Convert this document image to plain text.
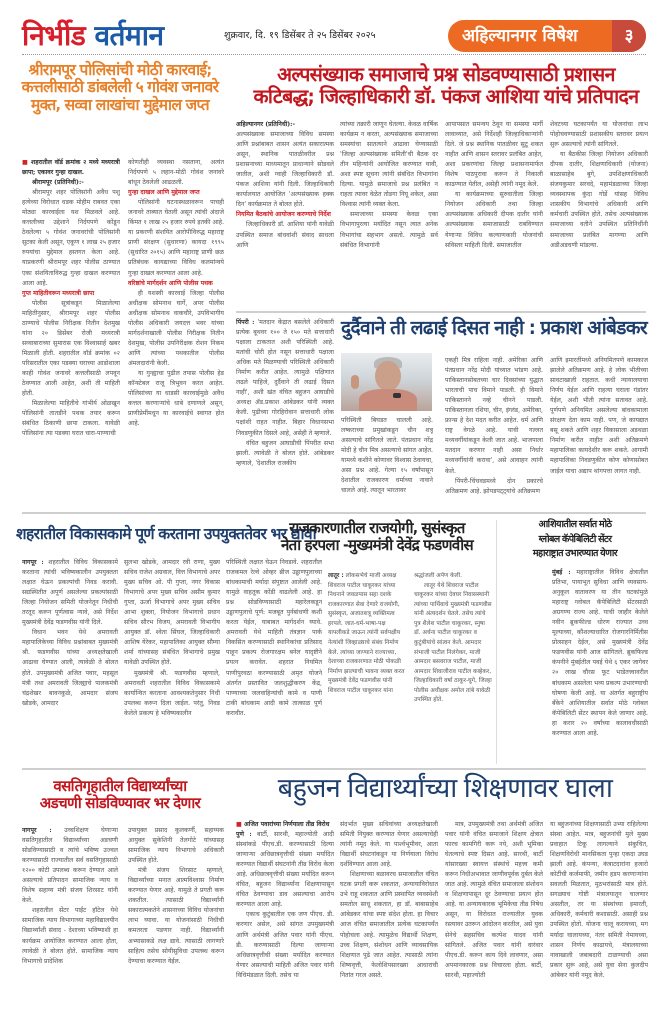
निर्भीड वर्तमान	शुक्रवार, दि. १९ डिसेंबर ते २५ डिसेंबर २०२५	अहिल्यानगर विषेश	३
श्रीरामपूर पोलिसांची मोठी कारवाई;
कत्तलीसाठी डांबलेली ५ गोवंश जनावरे
मुक्त, सव्वा लाखांचा मुद्देमाल जप्त

■ शहरातील वॉर्ड क्रमांक २ मध्ये मध्यरात्री छापा; एकावर गुन्हा दाखल.

श्रीरामपूर (प्रतिनिधी):-

श्रीरामपूर शहर पोलिसांनी अवैध पशु हत्येच्या विरोधात धडक मोहीम राबवत एका मोठ्या कारवाईला यश मिळवले आहे. कत्तलीच्या उद्देशाने निर्दयपणे कोंडून ठेवलेल्या ५ गोवंश जनावरांची पोलिसांनी सुटका केली असून, एकूण १ लाख २५ हजार रुपयांचा मुद्देमाल हस्तगत केला आहे. याप्रकरणी श्रीरामपूर शहर पोलीस ठाण्यात एका संशयिताविरुद्ध गुन्हा दाखल करण्यात आला आहे.

गुप्त माहितीवरून मध्यरात्री छापा

पोलीस सूत्रांकडून मिळालेल्या माहितीनुसार, श्रीरामपूर शहर पोलीस ठाण्याचे पोलीस निरीक्षक नितीन देशमुख यांना २० डिसेंबर रोजी मध्यरात्री सव्वाबाराच्या सुमारास एक विश्वासार्ह खबर मिळाली होती. शहरातील वॉर्ड क्रमांक ०२ परिसरातील एका पडक्या घराच्या आडोशाला काही गोवंश जनावरे कत्तलीसाठी लपवून ठेवण्यात आली आहेत, अशी ती माहिती होती.

मिळालेल्या माहितीचे गांभीर्य ओळखून पोलिसांनी तातडीने पथक तयार करून संबंधित ठिकाणी छापा टाकला. यावेळी पोलिसांना त्या पडक्या घरात चारा-पाण्याची

कोणतीही व्यवस्था नसताना, अत्यंत निर्दयपणे ५ लहान-मोठी गोवंश जनावरे बांधून ठेवलेली आढळली.

गुन्हा दाखल आणि मुद्देमाल जप्त

पोलिसांनी घटनास्थळावरून पाचही जनावरे ताब्यात घेतली असून त्यांची अंदाजे किंमत १ लाख २५ हजार रुपये इतकी आहे. या प्रकरणी संशयित आरोपीविरुद्ध महाराष्ट्र प्राणी संरक्षण (सुधारणा) कायदा १९९५ (सुधारित २०१५) आणि महाराष्ट्र प्राणी छळ प्रतिबंधक कायद्याच्या विविध कलमांन्वये गुन्हा दाखल करण्यात आला आहे.

वरिष्ठांचे मार्गदर्शन आणि पोलीस पथक

ही यशस्वी कारवाई जिल्हा पोलीस अधीक्षक सोमनाथ घार्गे, अपर पोलीस अधीक्षक सोमनाथ वाकचौरे, उपविभागीय पोलीस अधिकारी जयदत्त भवर यांच्या मार्गदर्शनाखाली पोलीस निरीक्षक नितीन देशमुख, पोलीस उपनिरीक्षक रोशन निकम आणि त्यांच्या पथकातील पोलीस अंमलदारांनी केली.

या गुन्ह्याचा पुढील तपास पोलीस हेड कॉन्स्टेबल राजू त्रिभुवन करत आहेत. पोलिसांच्या या धाडसी कारवाईमुळे अवैध कत्तल करणाऱ्यांचे धाबे दणाणले असून, प्राणीप्रेमींमधून या कारवाईचे स्वागत होत आहे.

अल्पसंख्याक समाजाचे प्रश्न सोडवण्यासाठी प्रशासन
कटिबद्ध; जिल्हाधिकारी डॉ. पंकज आशिया यांचे प्रतिपादन

अहिल्यानगर (प्रतिनिधी):-

अल्पसंख्याक समाजाच्या विविध समस्या आणि प्रश्नांबाबत शासन अत्यंत सकारात्मक असून, स्थानिक पातळीवरील प्रश्न प्रशासनाच्या माध्यमातून प्राधान्याने सोडवले जातील, अशी ग्वाही जिल्हाधिकारी डॉ. पंकज आशिया यांनी दिली. जिल्हाधिकारी कार्यालयात आयोजित 'अल्पसंख्याक हक्क दिन' कार्यक्रमात ते बोलत होते.

नियमित बैठकांचे आयोजन करण्याचे निर्देश

जिल्हाधिकारी डॉ. आशिया यांनी यावेळी उपस्थित समाज बांधवांशी संवाद साधला आणि

त्यांच्या तक्रारी जाणून घेतल्या. केवळ वार्षिक कार्यक्रम न करता, अल्पसंख्याक समाजाच्या समस्यांचा सातत्याने आढावा घेण्यासाठी 'जिल्हा अल्पसंख्याक समिती'ची बैठक दर तीन महिन्यांनी आयोजित करण्यात यावी, अशा स्पष्ट सूचना त्यांनी संबंधित विभागांना दिल्या. यामुळे समाजाचे प्रश्न प्रलंबित न राहता त्यावर वेळेत तोडगा निघू शकेल, असा विश्वास त्यांनी व्यक्त केला.

समाजाच्या समस्या केवळ एका विभागापुरत्या मर्यादित नसून त्यात अनेक विभागांचा सहभाग असतो. त्यामुळे सर्व संबंधित विभागांनी

आपापसात समन्वय ठेवून या समस्या मार्गी लावाव्यात, असे निर्देशही जिल्हाधिकाऱ्यांनी दिले. जे प्रश्न स्थानिक पातळीवर सुटू शकत नाहीत आणि शासन स्तरावर प्रलंबित आहेत, अशा प्रकरणांचा जिल्हा प्रशासनामार्फत विशेष पाठपुरावा करून ते निकाली काढण्यात येतील, असेही त्यांनी नमूद केले.

या कार्यक्रमाच्या सुरुवातीला जिल्हा नियोजन अधिकारी तथा जिल्हा अल्पसंख्याक अधिकारी दीपक दातीर यांनी अल्पसंख्याक समाजासाठी राबविण्यात येणाऱ्या विविध कल्याणकारी योजनांची सविस्तर माहिती दिली. समाजातील

शेवटच्या घटकापर्यंत या योजनांचा लाभ पोहोचवण्यासाठी प्रशासकीय स्तरावर प्रयत्न सुरू असल्याचे त्यांनी सांगितले.

या बैठकीस जिल्हा नियोजन अधिकारी दीपक दातीर, शिक्षणाधिकारी (योजना) बाळासाहेब बुगे, उपशिक्षणाधिकारी संजयकुमार सरवदे, महामंडळाच्या जिल्हा व्यवस्थापक कुंदा गोर्डे यांसह विविध शासकीय विभागांचे अधिकारी आणि कर्मचारी उपस्थित होते. तसेच अल्पसंख्याक समाजाच्या वतीने उपस्थित प्रतिनिधींनी समाजाच्या प्रलंबित मागण्या आणि अडीअडचणी मांडल्या.

पिंपरी : 'मतदान केंद्रात बसलेले अधिकारी प्रत्येक बूथवर १०० ते १५० मते सत्ताधारी पक्षाला टाकतात अशी परिस्थिती आहे. मतांची चोरी होत नसून सत्ताधारी पक्षाला अधिक मते मिळण्याची परिस्थिती अधिकारी निर्माण करीत आहेत. त्यामुळे पक्षिणात लढले पाहिजे, दुर्दैवाने ती लढाई दिसत नाही', अशी खंत वंचित बहुजन आघाडीचे अध्यक्ष ॲड.प्रकाश आंबेडकर यांनी व्यक्त केली. पुढीच्या गोरहिरोवान सत्ताधारी लोक पक्षांशी राहत नाहीत. बिहार विधानसभा निवडणुकीत दिसले आहे, असेही ते म्हणाले.

वंचित बहुजन आघाडीची पिंपरीत सभा झाली. त्यावेळी ते बोलत होते. आंबेडकर म्हणाले, 'देशातील राजकीय

दुर्दैवाने ती लढाई दिसत नाही : प्रकाश आंबेडकर

परिस्थिती बिघडत चालली आहे. लष्कराच्या प्रमुखांकडून चीन शत्रू असल्याचे सांगितले जाते. पंतप्रधान नरेंद्र मोदी हे चीन मित्र असल्याचे सांगत आहेत. यामध्ये कशीने कोणावर विश्वास ठेवायचा, असा प्रश्न आहे. गेल्या १५ वर्षांपासून देशातील राजकारण धर्माच्या नावाने चालले आहे. त्यातून भारतावर

एकही मित्र राहिला नाही. अमेरिका आणि पंतप्रधान नरेंद्र मोदी यांच्यात भांडण आहे. पाकिस्तानसोबतच्या चार दिवसांच्या युद्धात भारताची पाच विमाने पाडली. ही विमाने पाकिस्तानने नव्हे चीनने पाडली. पाकिस्तानला रशिया, चीन, इंग्लंड, अमेरिका, फ्रान्स हे देश मदत करीत आहेत. धर्म आणि राष्ट्र वेगळे आहे. याची गल्लत मध्यवर्गीयांकडून केली जात आहे. भाजपाला मतदान करणार नाही असा निर्धार मध्यवर्गीयांनी करावा', असे आवाहन त्यांनी केले.

पिंपरी-चिंचवडमध्ये दोन प्रकारचे अतिक्रमण आहे. झोपडपट्ट्यांचे अतिक्रमण

आणि इमारतींमध्ये अनियमितपणे कामकाज झालेले अतिक्रमण आहे. हे लोक भीतीच्या सावटाखाली राहतात. कधी न्यायालयाचा निर्णय येईल आणि राहत्या घराला गंडांतर येईल, अशी भीती त्यांना सतावत आहे. पूर्णपणे अनियमित असलेल्या बांधकामाला संरक्षण देता काम नाही. पण, जे कायद्यात बसू शकते आणि शहर विकासाला अडथळा निर्माण करीत नाहीत अशी अतिक्रमणे महापालिका कायदेशीर करू शकते. आगामी महापालिका निवडणुकीत कोण कोणासोबत जाईल याचा अद्याप थांगपत्ता लागत नाही.

शहरातील विकासकामे पूर्ण करताना उपयुक्ततेवर भर द्यावा

नागपूर : शहरातील विविध विकासकामे करताना त्यांची भविष्यकालीन उपयुक्तता लक्षात घेऊन प्रकल्पांची निवड करावी. सद्यस्थितीत अपूर्ण असलेल्या प्रकल्पांसाठी जिल्हा नियोजन समिती योजनेतून निधीची तरतूद करून पूर्णत्वास न्यावे, असे निर्देश मुख्यमंत्री देवेंद्र फडणवीस यांनी दिले.

विधान भवन येथे अमरावती महापालिकेच्या विविध प्रश्नांबाबत मुख्यमंत्री श्री. फडणवीस यांच्या अध्यक्षतेखाली आढावा घेण्यात आली, त्यावेळी ते बोलत होते. उपमुख्यमंत्री अजित पवार, महसूल मंत्री तथा अमरावती जिल्ह्याचे पालकमंत्री चंद्रशेखर बावनकुळे, आमदार संजय खोडके, आमदार

सुलभा खोडके, आमदार रवी राणा, मुख्य सचिव राजेश अग्रवाल, वित्त विभागाचे अपर मुख्य सचिव ओ. पी गुप्ता, नगर विकास विभागाचे अपर मुख्य सचिव असीम कुमार गुप्ता, ऊर्जा विभागाचे अपर मुख्य सचिव आभा शुक्ला, नियोजन विभागाचे प्रधान सचिव सौरभ विजय, अमरावती विभागीय आयुक्त डॉ. श्वेता सिंघल, जिल्हाधिकारी आशिष येरेकर, महापालिका आयुक्त सौम्या शर्मा यांच्यासह संबंधित विभागाचे प्रमुख यावेळी उपस्थित होते.

मुख्यमंत्री श्री. फडणवीस म्हणाले, अमरावती शहरातील विविध विकासकामे कार्यान्वित करताना आवश्यकतेनुसार निधी उपलब्ध करून दिला जाईल. परंतु, निवड केलेले प्रकल्प हे भविष्यकालीन

परिस्थिती लक्षात घेऊन निवडावे. शहरातील राजकमल रेल्वे ओव्हर ब्रीज उड्डाणपुलाच्या बांधकामाची मर्यादा संपुष्टात आलेली आहे. यामुळे वाहतूक कोंडी वाढलेली आहे. हा प्रश्न सोडविण्यासाठी महारेलकडून उड्डाणपुलाचे पूर्ण: मजबूत पुर्नबांधणी कशी करता येईल, याबाबत मार्गदर्शन घ्यावे. अमरावती येथे माहिती तंत्रज्ञान पार्क विकसित करण्यासाठी स्थानिकांचा प्रतिसाद पाहून प्रकल्प रोजगारक्षम बनेल यादृष्टीने प्रयत्न करावेत. शहरात नियमित पाणीपुरवठा करण्यासाठी अमृत योजने अंतर्गत प्रस्तावित जलशुद्धीकरण केंद्र, पाण्याच्या जलवाहिन्यांची कामे व पाणी टाकी बांधकाम आदी कामे तात्काळ पूर्ण करावीत.

राजकारणातील राजयोगी, सुसंस्कृत
नेता हरपला -मुख्यमंत्री देवेंद्र फडणवीस

लातूर : लोकसभेचे माजी अध्यक्ष शिवराज पाटील चाकूरकर यांच्या निधनाने जवळपास सहा दशके राजकारणात सेवा देणारे राजयोगी, सुसंस्कृत, अजातशत्रू व्यक्तिमत्व हरपले. जात-धर्म-भाषा-पक्ष यापलीकडे जाऊन त्यांनी सर्वपक्षीय नेत्यांशी जिव्हाळ्याचे संबंध निर्माण केले. त्यांच्या जाण्याने राज्याच्या, देशाच्या राजकारणात मोठी पोकळी निर्माण झाल्याची भावना व्यक्त करत मुख्यमंत्री देवेंद्र फडणवीस यांनी शिवराज पाटील चाकूरकर यांना

श्रद्धांजली अर्पण केली.

लातूर येथे शिवराज पाटील चाकूरकर यांच्या देवघर निवासस्थानी त्यांच्या पार्थिवाचे मुख्यमंत्री फडणवीस यांनी अंत्यदर्शन घेतले. तसेच त्यांचे पुत्र शैलेश पाटील चाकूरकर, स्नुषा डॉ. अर्चना पाटील चाकूरकर व कुटुंबीयांचे सांत्वन केले. आमदार संभाजी पाटील निलंगेकर, माजी आमदार बसवराज पाटील, माजी आमदार शिवाजीराव पाटील कव्हेकर, जिल्हाधिकारी वर्षा ठाकूर-घुगे, जिल्हा पोलीस अधीक्षक अमोल तांबे यावेळी उपस्थित होते.

आशियातील सर्वात मोठे
ग्लोबल कॅपेबिलिटी सेंटर
महाराष्ट्रात उभारण्यात येणार

मुंबई : महाराष्ट्रातील विविध क्षेत्रातील प्रतिभा, पायाभूत सुविधा आणि व्यवसाय-अनुकूल वातावरण या तीन घटकांमुळे महाराष्ट्र ग्लोबल कॅपेबिलिटी सेंटरसाठी अग्रगण्य राज्य आहे. याची जाहीर केलेले नवीन ब्रुकफील्ड धोरण राज्यात उच्च मूल्याच्या, कौशल्याधारित रोजगारनिर्मितीस प्रोत्साहन देईल, असे मुख्यमंत्री देवेंद्र फडणवीस यांनी आज सांगितले. ब्रुकफिल्ड कंपनीने मुंबईतील पवई येथे ६ एकर जागेवर २० लाख चौरस फूट भाडेतत्त्वावरील बांधकाम असलेला भव्य प्रकल्प उभारण्याची घोषणा केली आहे. या अंतर्गत बहुराष्ट्रीय बँकेने आशियातील सर्वात मोठे ग्लोबल कॅपेबिलिटी सेंटर स्थापन केले जाणार आहे. हा करार २० वर्षांच्या कालावधीसाठी करण्यात आला आहे.

वसतिगृहातील विद्यार्थ्यांच्या
अडचणी सोडविण्यावर भर देणार

नागपूर : उच्चशिक्षण घेणाऱ्या वसतिगृहातील विद्यार्थ्यांच्या अडचणी सोडविण्यासाठी व त्यांचे भविष्य उज्वल करण्यासाठी राज्यातील सर्व वसतिगृहासाठी १२०० कोटी उपलब्ध करून देण्यात आले असल्याचे प्रतिपादन सामाजिक न्याय व विशेष सहाय्य मंत्री संजय शिरसाट यांनी केले.

शहरातील सेंटर पाईंट हॉटेल येथे सामाजिक न्याय विभागाच्या महाविद्यालयीन विद्यार्थ्यांशी संवाद - देशाच्या भविष्याशी हा कार्यक्रम आयोजित करण्यात आला होता, त्यावेळी ते बोलत होते. सामाजिक न्याय विभागाचे प्रादेशिक

उपायुक्त प्रसाद कुलकर्णी, सहाय्यक आयुक्त सुकेशिनी तेलगोटे यांच्यासह सामाजिक न्याय विभागाचे अधिकारी उपस्थित होते.

मंत्री संजय शिरसाट म्हणाले, विद्यार्थ्यांच्या मनात आत्मविश्वास निर्माण करण्यात येणार आहे. यामुळे ते प्रगती करू शकतील. त्यासाठी विद्यार्थ्यांनी सकारात्मकतेने शासनाच्या विविध योजनांचा लाभ घ्यावा. या योजनांसाठी निधीची कमतरता पडणार नाही. विद्यार्थ्यांनी अभ्यासाकडे लक्ष द्यावे. त्यासाठी लागणारे साहित्य तसेच सोयीसुविधा उपलब्ध करून देण्याचा करण्यात येईल.

बहुजन विद्यार्थ्यांच्या शिक्षणावर घाला

■ अजित पवारांच्या निर्णयाला तीव्र विरोध

पुणे : बार्टी, सारथी, महाज्योती आदी संस्थांकडे पीएच.डी. करण्यासाठी दिल्या जाणाऱ्या अधिछात्रवृत्तीची संख्या मर्यादित करण्यात विद्यार्थी संघटनांनी तीव्र विरोध केला आहे. अधिछात्रवृत्तीची संख्या मर्यादित करून वंचित, बहुजन विद्यार्थ्यांना शिक्षणापासून वंचित ठेवण्याचा डाव असल्याचा आरोप करण्यात आला आहे.

एकाच कुटुंबातील एक जण पीएच. डी. करणार असेल, असे सांगत उपमुख्यमंत्री आणि अर्थमंत्री अजित पवार यांनी पीएच. डी. करण्यासाठी दिल्या जाणाऱ्या अधिछात्रवृत्तीची संख्या मर्यादित करण्यात येणार असल्याची माहिती अजित पवार यांनी विधिमंडळात दिली. तसेच या

संदर्भात मुख्य सचिवांच्या अध्यक्षतेखाली समिती नियुक्त करण्यात येणार असल्याचेही त्यांनी नमूद केले. या पार्श्वभूमीवर, आता विद्यार्थी संघटनांकडून या निर्णयाला विरोध दर्शविण्यात आला आहे.

शिक्षणाच्या बळावरच समाजातील वंचित घटक प्रगती करू शकतात, अन्यायाविरोधात उभे राहू शकतात आणि प्रस्थापित व्यवस्थेशी समतोल साधू शकतात, हा डॉ. बाबासाहेब आंबेडकर यांचा स्पष्ट संदेश होता. हा विचार आज वंचित समाजातील प्रत्येक घटकापर्यंत पोहोचला आहे. त्यामुळेच विद्यार्थी शिक्षण, उच्च शिक्षण, संशोधन आणि व्यावसायिक शिक्षणात पुढे जात आहेत. त्यासाठी त्यांना शिष्यवृत्ती, फेलोशिपसारख्या आधाराची नितांत गरज असते.

मात्र, उपमुख्यमंत्री तथा अर्थमंत्री अजित पवार यांनी वंचित समाजाने शिक्षण क्षेत्रात फारच कामगिरी करू नये, अशी भूमिका घेतल्याचे स्पष्ट दिसत आहे. सारथी, बार्टी यांसारख्या स्वायत्त संस्थांचे महत्त्व कमी करून निधीअभावात जाणीवपूर्वक दुर्बल केले जात आहे. त्यामुळे वंचित समाजाला संशोधन व शिक्षणापासून दूर ठेवण्याचा प्रयत्न होत आहे. या अन्यायकारक भूमिकेचा तीव्र निषेध असून, या विरोधात राज्यातील युवक रस्त्यावर उतरून आंदोलन करतील, असे युवा सेनेचे सहसचिव कल्पेश यादव यांनी सांगितले. अजित पवार यांनी वारंवार पीएच.डी. करून काय दिवे लावणार, असा अपमानकारक प्रश्न विचारला होता. बार्टी, सारथी, महाज्योती

या बहुजनांच्या शिक्षणासाठी उभ्या राहिलेल्या संस्था आहेत. मात्र, बहुजनांची मुले मुख्य प्रवाहात टिकू लागल्याने संकुचित, शिक्षणविरोधी मानसिकता पुन्हा एकदा उघड झाली आहे. कंपन्या, कंत्राटदारांना हजारो कोटींची कर्जमाफी, जमीन हडप करणाऱ्यांना सवलती मिळतात, मुठभरांसाठी मात्र होते. सगळ्याच गोष्टी मंत्रालयातून चालणार असतील, तर या संस्थांच्या इमारती, अधिकारी, कर्मचारी कशासाठी. असाही प्रश्न उपस्थित होतो. योजना चालू करायच्या, मग मर्यादा घालायच्या, नंतर समिती नेमायच्या, शासन निर्णय काढायचे, मंत्रालयाच्या नावाखाली जबाबदारी टाळण्याची असा प्रकार सुरू आहे, असे युवा सेना कुलदीप आंबेकर यांनी नमूद केले.
